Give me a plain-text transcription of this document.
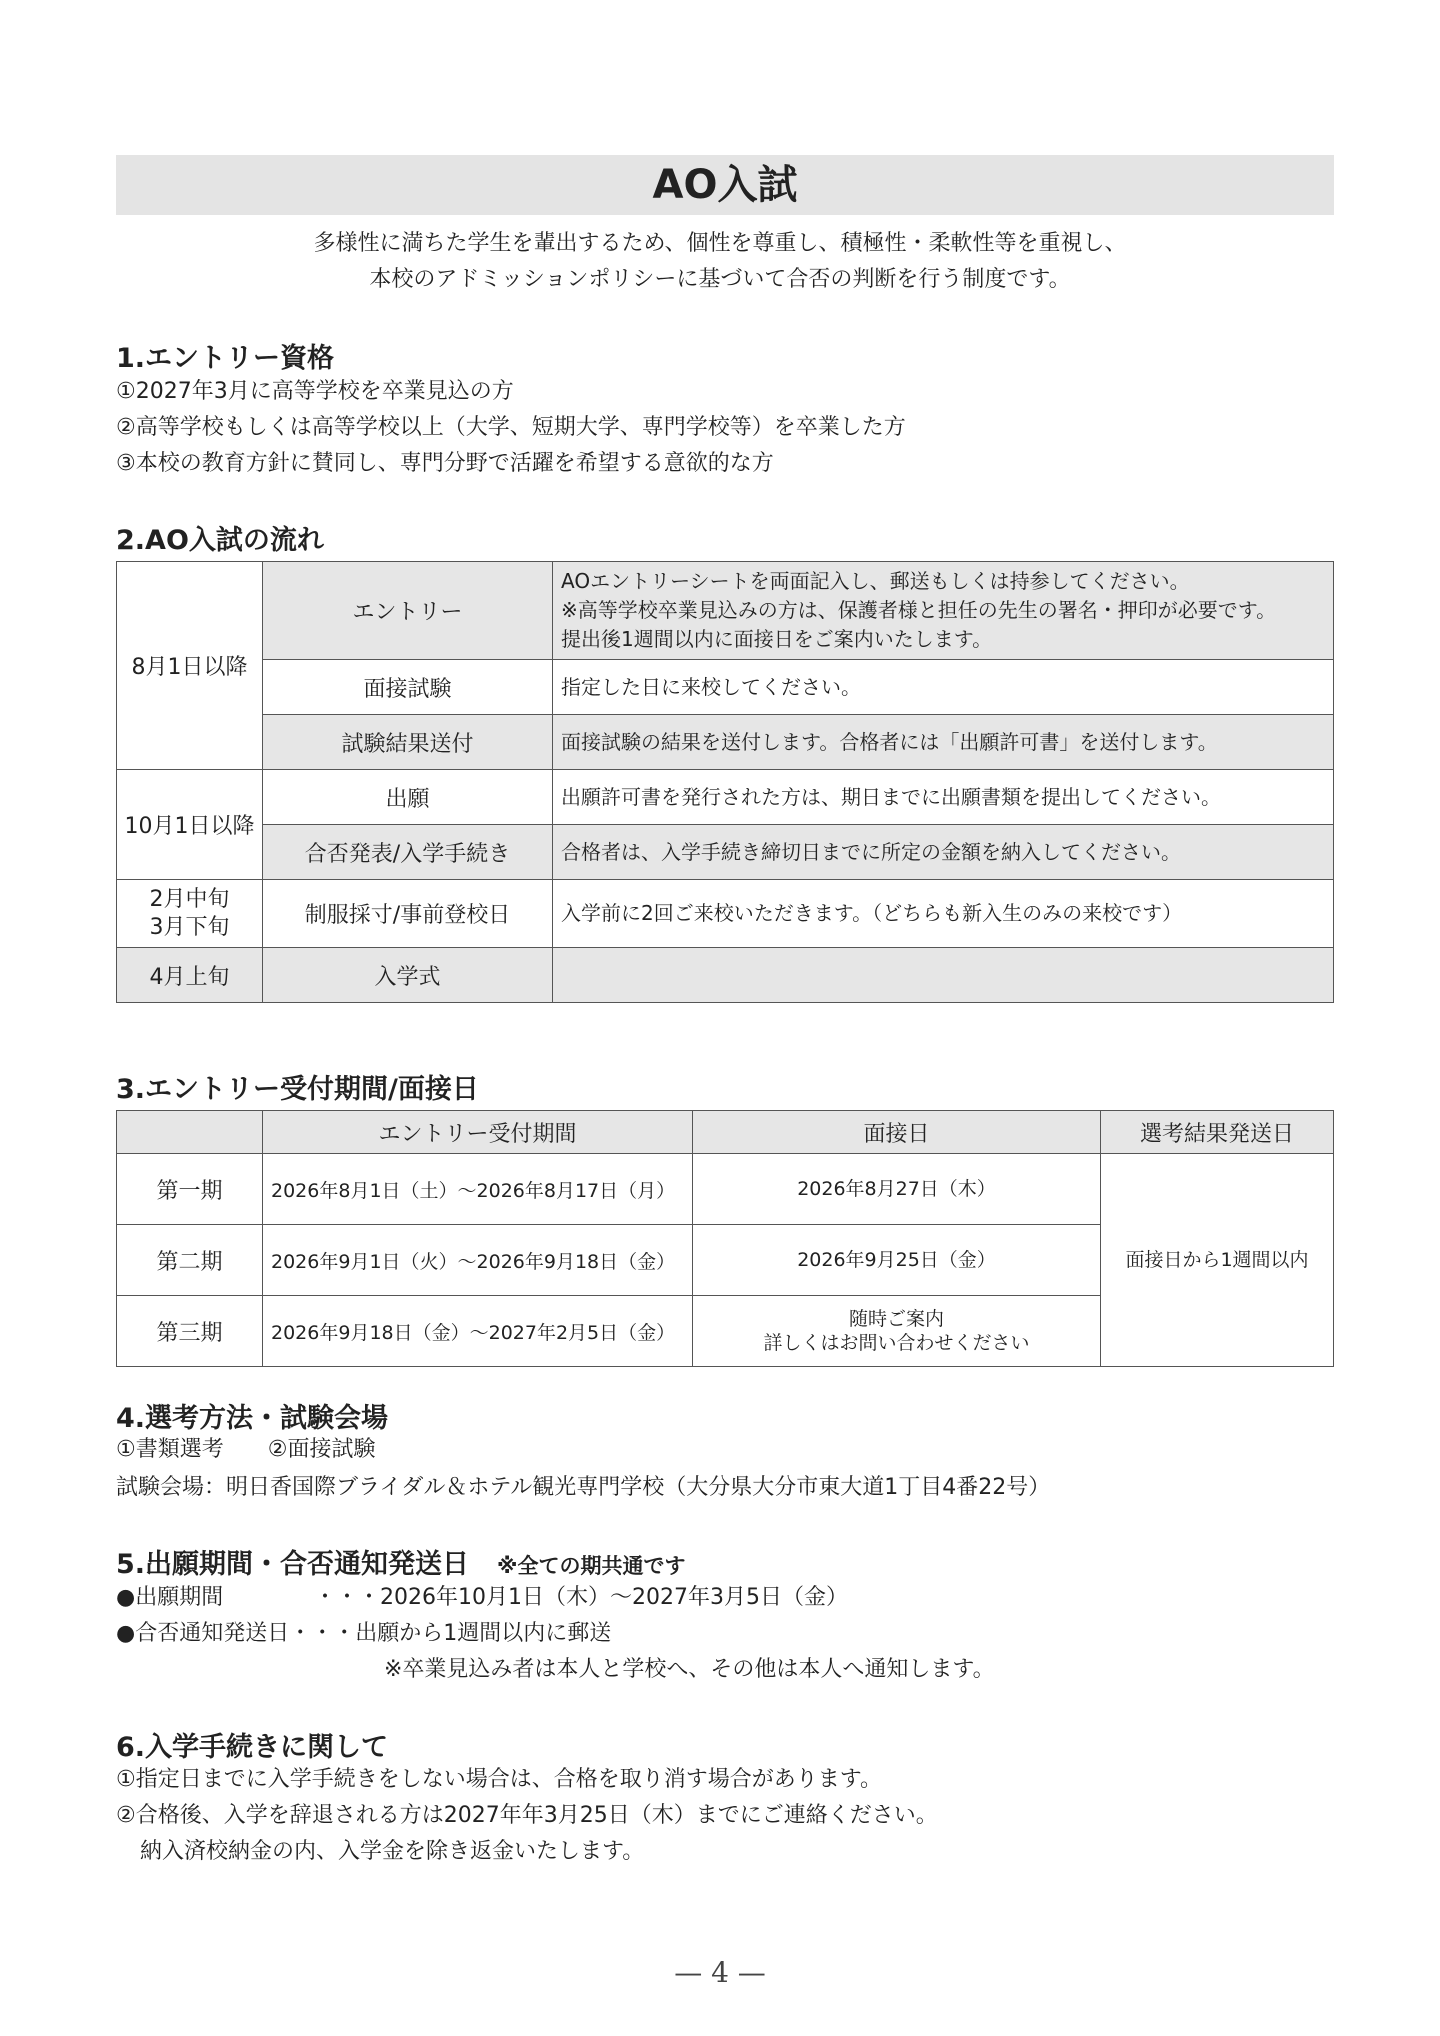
AO入試
多様性に満ちた学生を輩出するため、個性を尊重し、積極性・柔軟性等を重視し、
本校のアドミッションポリシーに基づいて合否の判断を行う制度です。
1.エントリー資格
①2027年3月に高等学校を卒業見込の方
②高等学校もしくは高等学校以上（大学、短期大学、専門学校等）を卒業した方
③本校の教育方針に賛同し、専門分野で活躍を希望する意欲的な方
2.AO入試の流れ
8月1日以降	エントリー	AOエントリーシートを両面記入し、郵送もしくは持参してください。
※高等学校卒業見込みの方は、保護者様と担任の先生の署名・押印が必要です。
提出後1週間以内に面接日をご案内いたします。

	面接試験	指定した日に来校してください。
	試験結果送付	面接試験の結果を送付します。合格者には「出願許可書」を送付します。
10月1日以降	出願	出願許可書を発行された方は、期日までに出願書類を提出してください。
	合否発表/入学手続き	合格者は、入学手続き締切日までに所定の金額を納入してください。

2月中旬
3月下旬	制服採寸/事前登校日	入学前に2回ご来校いただきます。（どちらも新入生のみの来校です）
4月上旬	入学式	
3.エントリー受付期間/面接日
	エントリー受付期間	面接日	選考結果発送日
第一期	2026年8月1日（土）～2026年8月17日（月）	2026年8月27日（木）	面接日から1週間以内
第二期	2026年9月1日（火）～2026年9月18日（金）	2026年9月25日（金）	
第三期	2026年9月18日（金）～2027年2月5日（金）	随時ご案内
詳しくはお問い合わせください	
4.選考方法・試験会場
①書類選考　　②面接試験
試験会場：明日香国際ブライダル＆ホテル観光専門学校（大分県大分市東大道1丁目4番22号）
5.出願期間・合否通知発送日 ※全ての期共通です
●出願期間	・・・2026年10月1日（木）～2027年3月5日（金）
●合否通知発送日・・・出願から1週間以内に郵送
※卒業見込み者は本人と学校へ、その他は本人へ通知します。
6.入学手続きに関して
①指定日までに入学手続きをしない場合は、合格を取り消す場合があります。
②合格後、入学を辞退される方は2027年年3月25日（木）までにご連絡ください。
納入済校納金の内、入学金を除き返金いたします。
— 4 —
